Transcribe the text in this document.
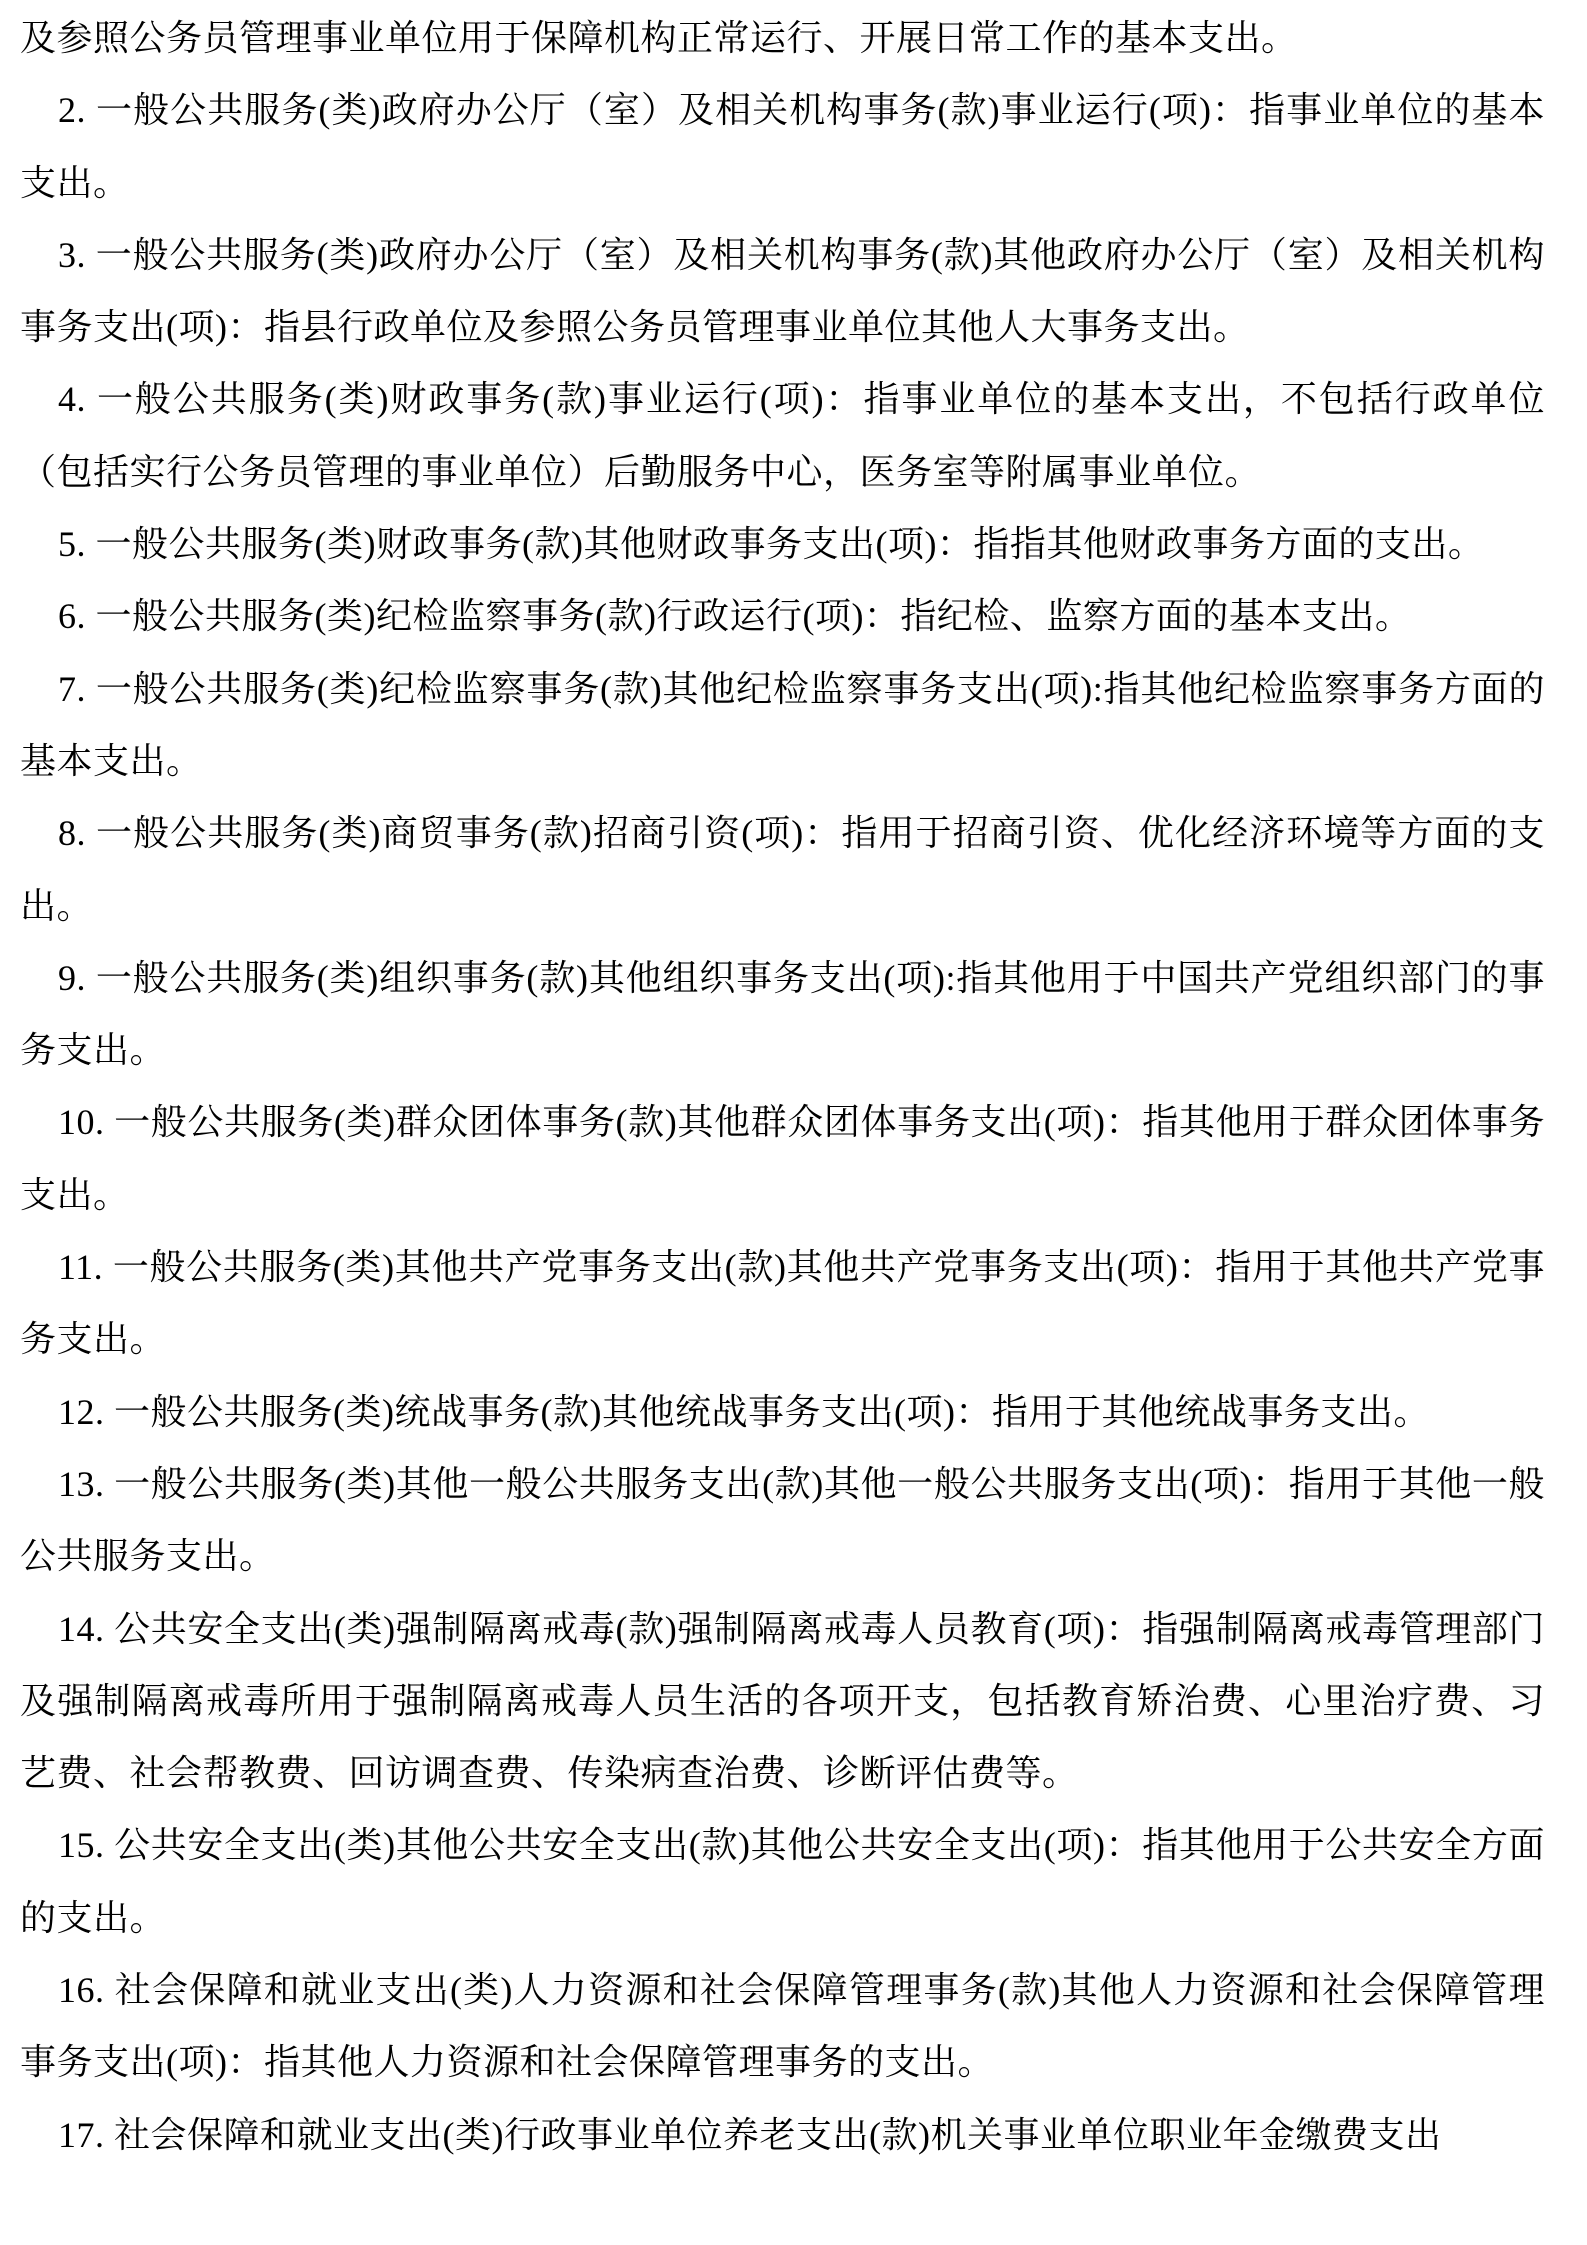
及参照公务员管理事业单位用于保障机构正常运行、开展日常工作的基本支出。

2. 一般公共服务(类)政府办公厅（室）及相关机构事务(款)事业运行(项)：指事业单位的基本支出。

3. 一般公共服务(类)政府办公厅（室）及相关机构事务(款)其他政府办公厅（室）及相关机构事务支出(项)：指县行政单位及参照公务员管理事业单位其他人大事务支出。

4. 一般公共服务(类)财政事务(款)事业运行(项)：指事业单位的基本支出，不包括行政单位（包括实行公务员管理的事业单位）后勤服务中心，医务室等附属事业单位。

5. 一般公共服务(类)财政事务(款)其他财政事务支出(项)：指指其他财政事务方面的支出。

6. 一般公共服务(类)纪检监察事务(款)行政运行(项)：指纪检、监察方面的基本支出。

7. 一般公共服务(类)纪检监察事务(款)其他纪检监察事务支出(项):指其他纪检监察事务方面的基本支出。

8. 一般公共服务(类)商贸事务(款)招商引资(项)：指用于招商引资、优化经济环境等方面的支出。

9. 一般公共服务(类)组织事务(款)其他组织事务支出(项):指其他用于中国共产党组织部门的事务支出。

10. 一般公共服务(类)群众团体事务(款)其他群众团体事务支出(项)：指其他用于群众团体事务支出。

11. 一般公共服务(类)其他共产党事务支出(款)其他共产党事务支出(项)：指用于其他共产党事务支出。

12. 一般公共服务(类)统战事务(款)其他统战事务支出(项)：指用于其他统战事务支出。

13. 一般公共服务(类)其他一般公共服务支出(款)其他一般公共服务支出(项)：指用于其他一般公共服务支出。

14. 公共安全支出(类)强制隔离戒毒(款)强制隔离戒毒人员教育(项)：指强制隔离戒毒管理部门及强制隔离戒毒所用于强制隔离戒毒人员生活的各项开支，包括教育矫治费、心里治疗费、习艺费、社会帮教费、回访调查费、传染病查治费、诊断评估费等。

15. 公共安全支出(类)其他公共安全支出(款)其他公共安全支出(项)：指其他用于公共安全方面的支出。

16. 社会保障和就业支出(类)人力资源和社会保障管理事务(款)其他人力资源和社会保障管理事务支出(项)：指其他人力资源和社会保障管理事务的支出。

17. 社会保障和就业支出(类)行政事业单位养老支出(款)机关事业单位职业年金缴费支出
